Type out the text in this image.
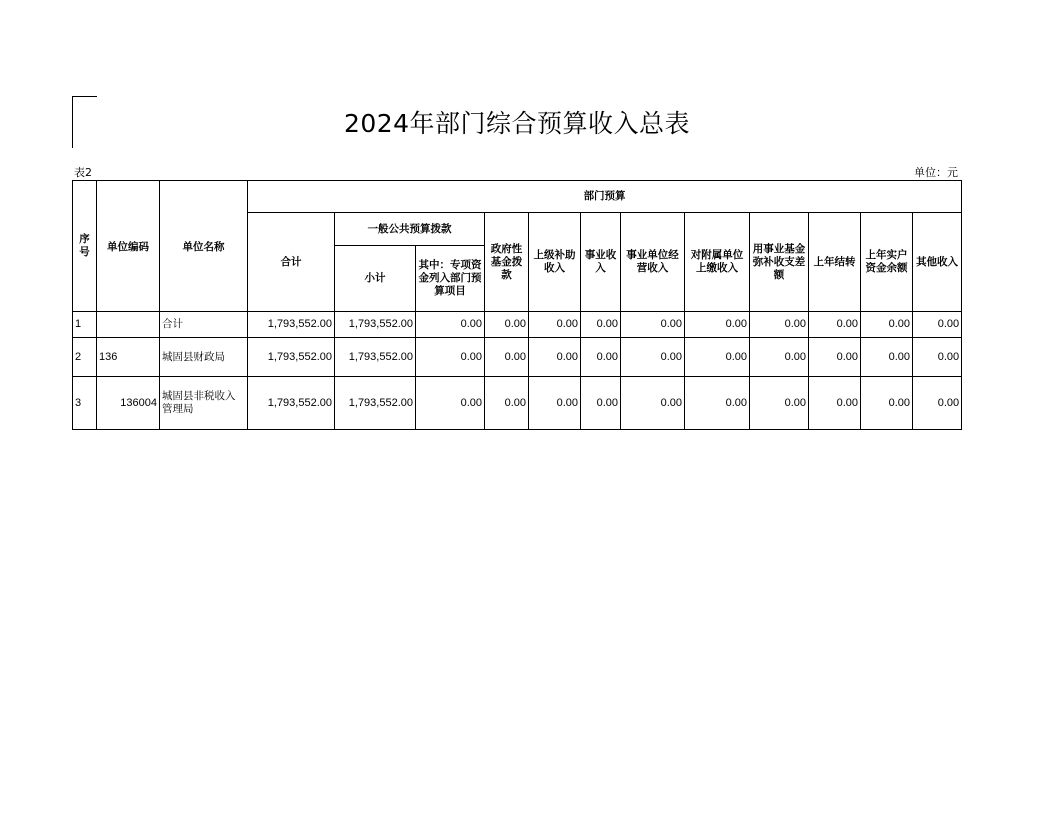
2024年部门综合预算收入总表
表2	单位：元
序号	单位编码	单位名称	部门预算											
			合计	一般公共预算拨款		政府性基金拨款	上级补助收入	事业收入	事业单位经营收入	对附属单位上缴收入	用事业基金弥补收支差额	上年结转	上年实户资金余额	其他收入
				小计	其中：专项资金列入部门预算项目									
1		合计	1,793,552.00	1,793,552.00	0.00	0.00	0.00	0.00	0.00	0.00	0.00	0.00	0.00	0.00
2	136	城固县财政局	1,793,552.00	1,793,552.00	0.00	0.00	0.00	0.00	0.00	0.00	0.00	0.00	0.00	0.00
3	136004	城固县非税收入管理局	1,793,552.00	1,793,552.00	0.00	0.00	0.00	0.00	0.00	0.00	0.00	0.00	0.00	0.00
